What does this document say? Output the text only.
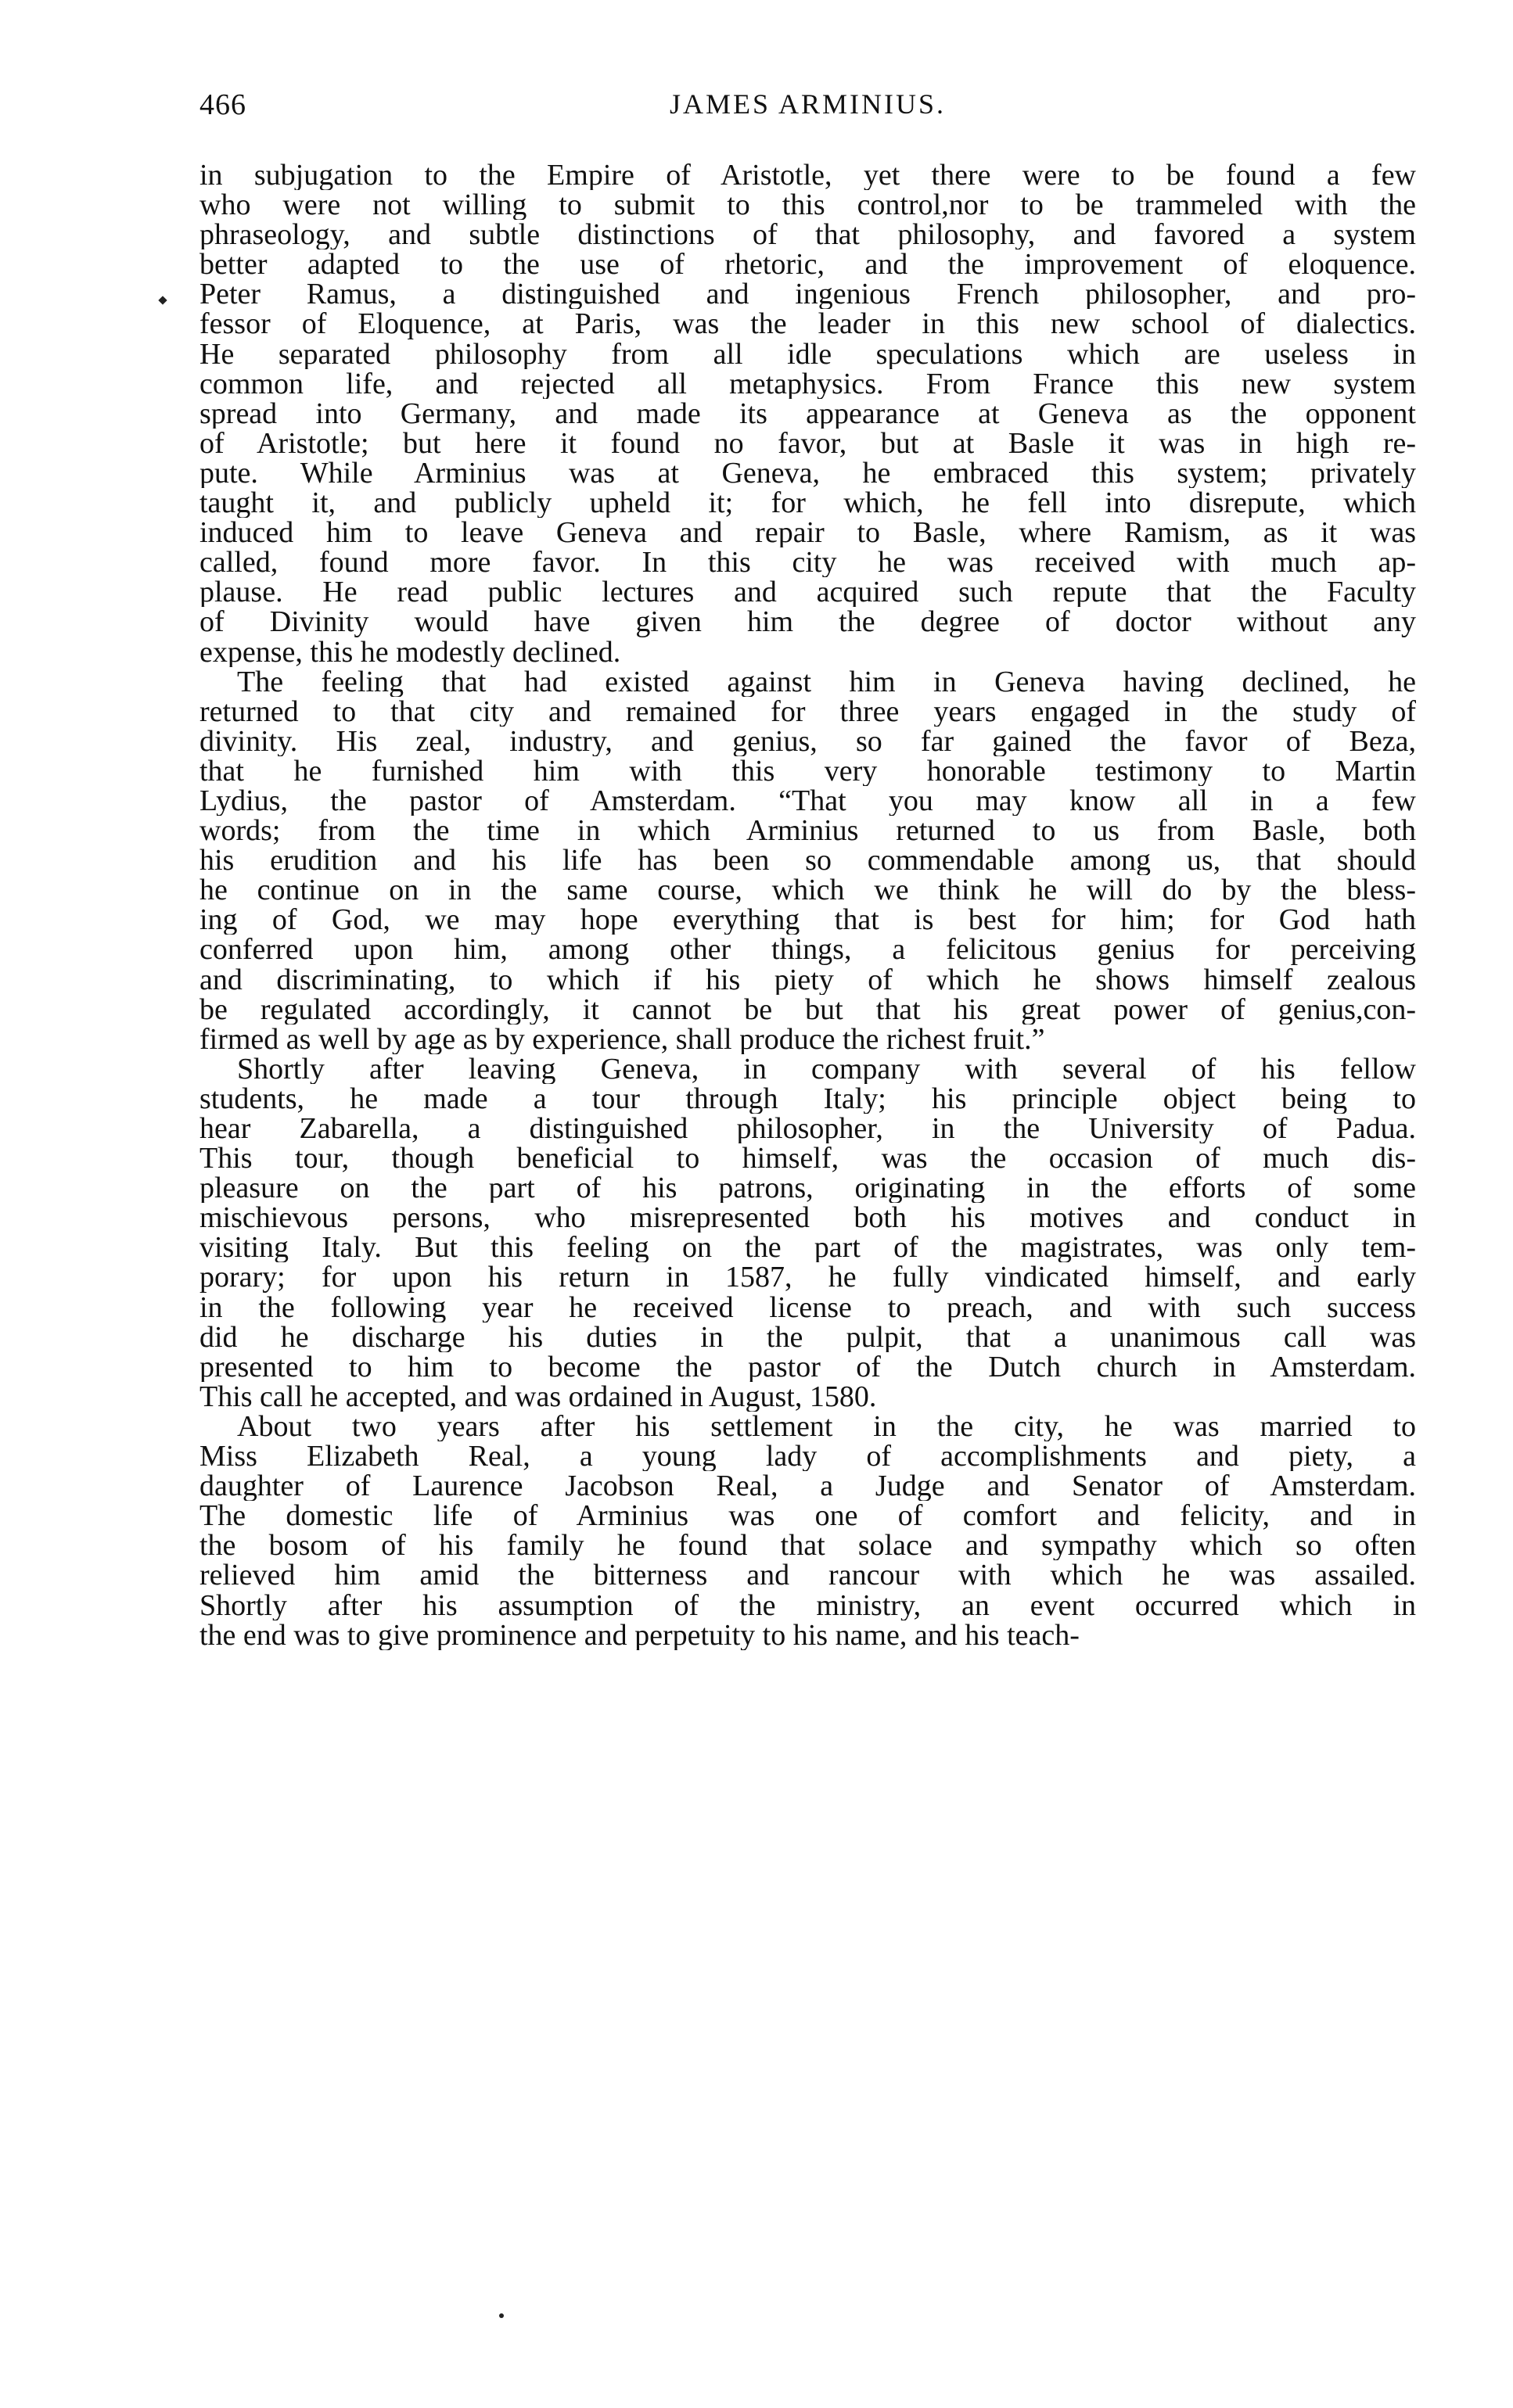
466	JAMES ARMINIUS.
in subjugation to the Empire of Aristotle, yet there were to be found a few
who were not willing to submit to this control,nor to be trammeled with the
phraseology, and subtle distinctions of that philosophy, and favored a system
better adapted to the use of rhetoric, and the improvement of eloquence.
Peter Ramus, a distinguished and ingenious French philosopher, and pro-
fessor of Eloquence, at Paris, was the leader in this new school of dialectics.
He separated philosophy from all idle speculations which are useless in
common life, and rejected all metaphysics. From France this new system
spread into Germany, and made its appearance at Geneva as the opponent
of Aristotle; but here it found no favor, but at Basle it was in high re-
pute. While Arminius was at Geneva, he embraced this system; privately
taught it, and publicly upheld it; for which, he fell into disrepute, which
induced him to leave Geneva and repair to Basle, where Ramism, as it was
called, found more favor. In this city he was received with much ap-
plause. He read public lectures and acquired such repute that the Faculty
of Divinity would have given him the degree of doctor without any
expense, this he modestly declined.
The feeling that had existed against him in Geneva having declined, he
returned to that city and remained for three years engaged in the study of
divinity. His zeal, industry, and genius, so far gained the favor of Beza,
that he furnished him with this very honorable testimony to Martin
Lydius, the pastor of Amsterdam. “That you may know all in a few
words; from the time in which Arminius returned to us from Basle, both
his erudition and his life has been so commendable among us, that should
he continue on in the same course, which we think he will do by the bless-
ing of God, we may hope everything that is best for him; for God hath
conferred upon him, among other things, a felicitous genius for perceiving
and discriminating, to which if his piety of which he shows himself zealous
be regulated accordingly, it cannot be but that his great power of genius,con-
firmed as well by age as by experience, shall produce the richest fruit.”
Shortly after leaving Geneva, in company with several of his fellow
students, he made a tour through Italy; his principle object being to
hear Zabarella, a distinguished philosopher, in the University of Padua.
This tour, though beneficial to himself, was the occasion of much dis-
pleasure on the part of his patrons, originating in the efforts of some
mischievous persons, who misrepresented both his motives and conduct in
visiting Italy. But this feeling on the part of the magistrates, was only tem-
porary; for upon his return in 1587, he fully vindicated himself, and early
in the following year he received license to preach, and with such success
did he discharge his duties in the pulpit, that a unanimous call was
presented to him to become the pastor of the Dutch church in Amsterdam.
This call he accepted, and was ordained in August, 1580.
About two years after his settlement in the city, he was married to
Miss Elizabeth Real, a young lady of accomplishments and piety, a
daughter of Laurence Jacobson Real, a Judge and Senator of Amsterdam.
The domestic life of Arminius was one of comfort and felicity, and in
the bosom of his family he found that solace and sympathy which so often
relieved him amid the bitterness and rancour with which he was assailed.
Shortly after his assumption of the ministry, an event occurred which in
the end was to give prominence and perpetuity to his name, and his teach-
